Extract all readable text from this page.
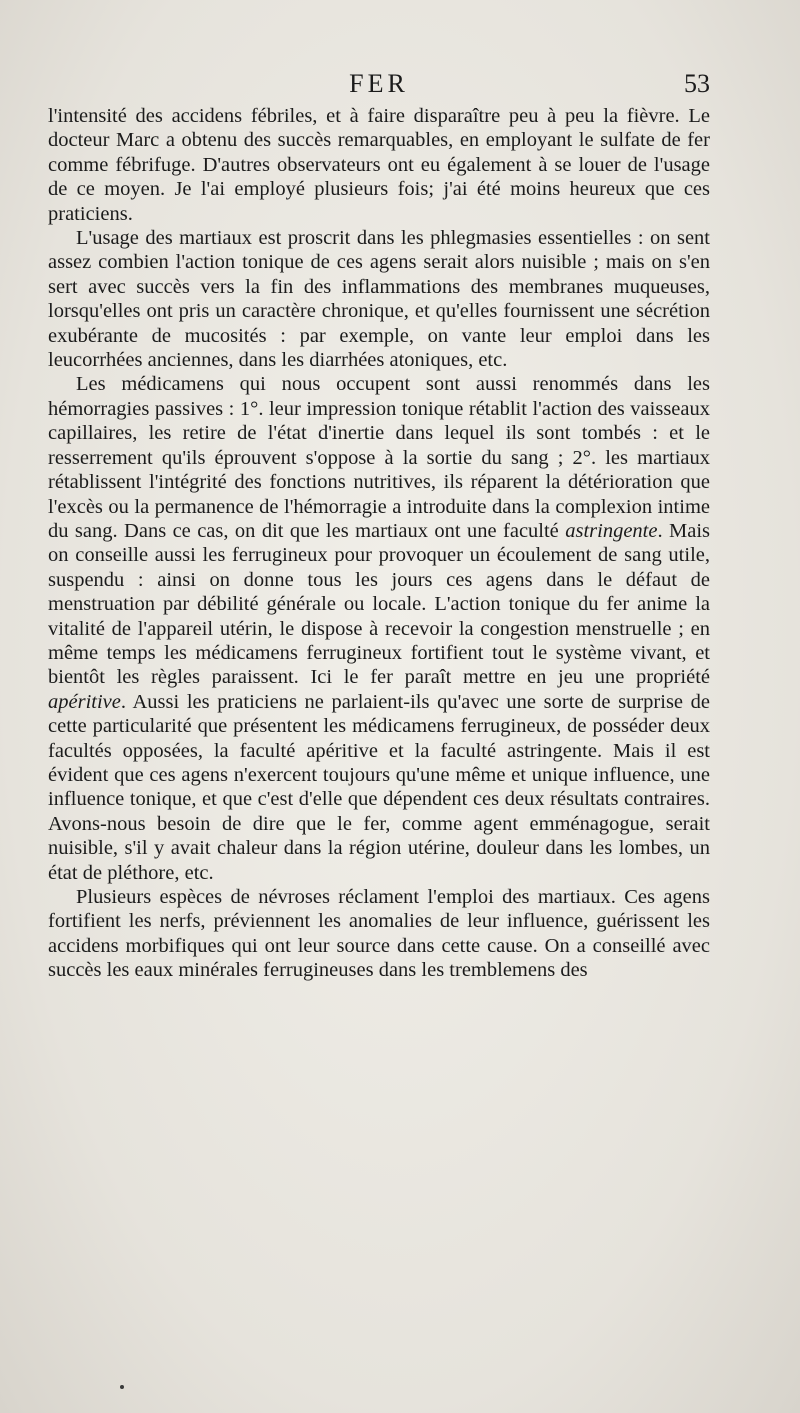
FER	53

l'intensité des accidens fébriles, et à faire disparaître peu à peu la fièvre. Le docteur Marc a obtenu des succès remarquables, en employant le sulfate de fer comme fébrifuge. D'autres observateurs ont eu également à se louer de l'usage de ce moyen. Je l'ai employé plusieurs fois; j'ai été moins heureux que ces praticiens.

L'usage des martiaux est proscrit dans les phlegmasies essentielles : on sent assez combien l'action tonique de ces agens serait alors nuisible ; mais on s'en sert avec succès vers la fin des inflammations des membranes muqueuses, lorsqu'elles ont pris un caractère chronique, et qu'elles fournissent une sécrétion exubérante de mucosités : par exemple, on vante leur emploi dans les leucorrhées anciennes, dans les diarrhées atoniques, etc.

Les médicamens qui nous occupent sont aussi renommés dans les hémorragies passives : 1°. leur impression tonique rétablit l'action des vaisseaux capillaires, les retire de l'état d'inertie dans lequel ils sont tombés : et le resserrement qu'ils éprouvent s'oppose à la sortie du sang ; 2°. les martiaux rétablissent l'intégrité des fonctions nutritives, ils réparent la détérioration que l'excès ou la permanence de l'hémorragie a introduite dans la complexion intime du sang. Dans ce cas, on dit que les martiaux ont une faculté astringente. Mais on conseille aussi les ferrugineux pour provoquer un écoulement de sang utile, suspendu : ainsi on donne tous les jours ces agens dans le défaut de menstruation par débilité générale ou locale. L'action tonique du fer anime la vitalité de l'appareil utérin, le dispose à recevoir la congestion menstruelle ; en même temps les médicamens ferrugineux fortifient tout le système vivant, et bientôt les règles paraissent. Ici le fer paraît mettre en jeu une propriété apéritive. Aussi les praticiens ne parlaient-ils qu'avec une sorte de surprise de cette particularité que présentent les médicamens ferrugineux, de posséder deux facultés opposées, la faculté apéritive et la faculté astringente. Mais il est évident que ces agens n'exercent toujours qu'une même et unique influence, une influence tonique, et que c'est d'elle que dépendent ces deux résultats contraires. Avons-nous besoin de dire que le fer, comme agent emménagogue, serait nuisible, s'il y avait chaleur dans la région utérine, douleur dans les lombes, un état de pléthore, etc.

Plusieurs espèces de névroses réclament l'emploi des martiaux. Ces agens fortifient les nerfs, préviennent les anomalies de leur influence, guérissent les accidens morbifiques qui ont leur source dans cette cause. On a conseillé avec succès les eaux minérales ferrugineuses dans les tremblemens des
